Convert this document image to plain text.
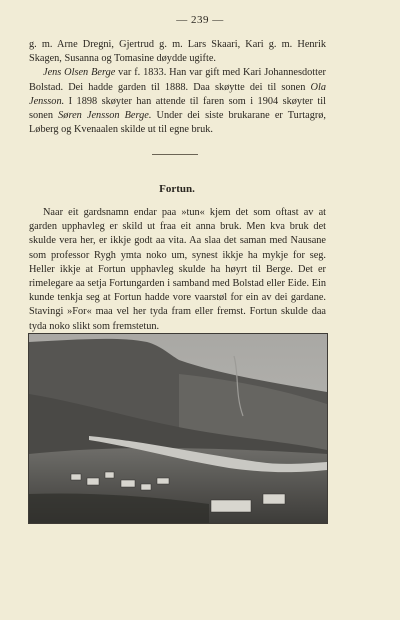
— 239 —

g. m. Arne Dregni, Gjertrud g. m. Lars Skaari, Kari g. m. Henrik Skagen, Susanna og Tomasine døydde ugifte.

Jens Olsen Berge var f. 1833. Han var gift med Kari Johannesdotter Bolstad. Dei hadde garden til 1888. Daa skøytte dei til sonen Ola Jensson. I 1898 skøyter han attende til faren som i 1904 skøyter til sonen Søren Jensson Berge. Under dei siste brukarane er Turtagrø, Løberg og Kvenaalen skilde ut til egne bruk.

Fortun.

Naar eit gardsnamn endar paa »tun« kjem det som oftast av at garden upphavleg er skild ut fraa eit anna bruk. Men kva bruk det skulde vera her, er ikkje godt aa vita. Aa slaa det saman med Nausane som professor Rygh ymta noko um, synest ikkje ha mykje for seg. Heller ikkje at Fortun upphavleg skulde ha høyrt til Berge. Det er rimelegare aa setja Fortungarden i samband med Bolstad eller Eide. Ein kunde tenkja seg at Fortun hadde vore vaarstøl for ein av dei gardane. Stavingi »For« maa vel her tyda fram eller fremst. Fortun skulde daa tyda noko slikt som fremstetun.
